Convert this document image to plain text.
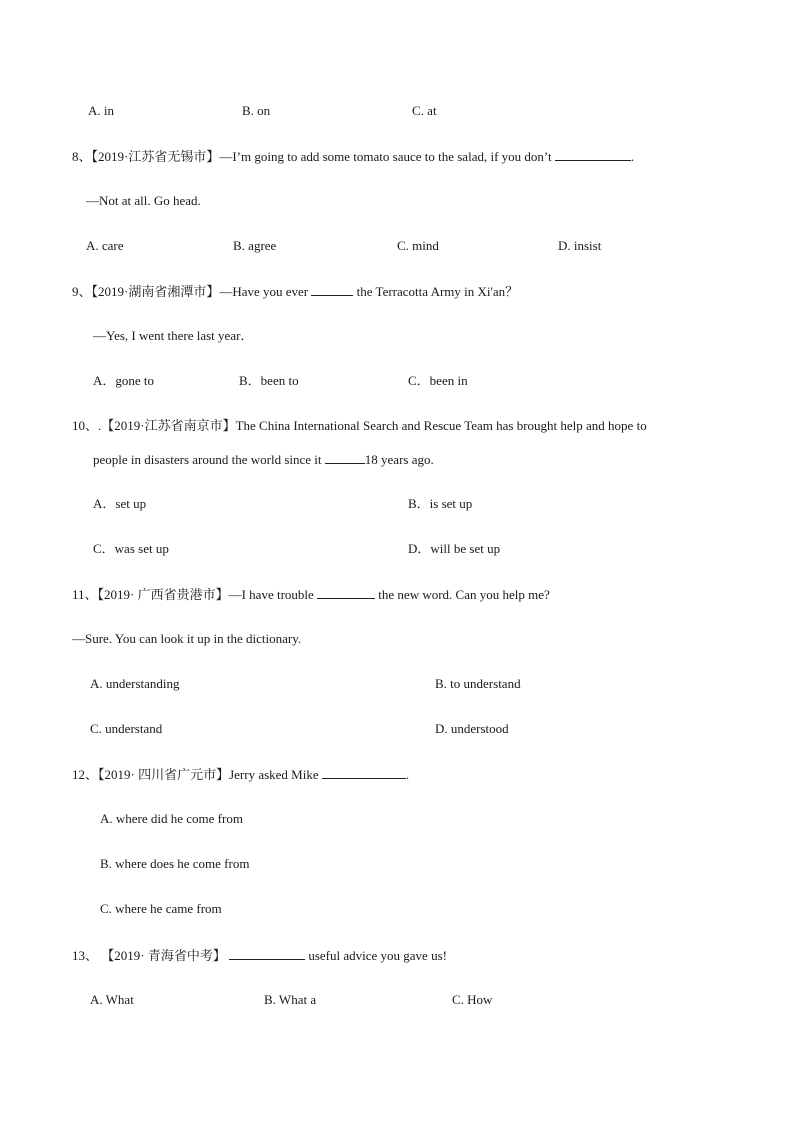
A. in	B. on	C. at
8、【2019·江苏省无锡市】—I’m going to add some tomato sauce to the salad, if you don’t	.
—Not at all. Go head.
A. care	B. agree	C. mind	D. insist
9、【2019·湖南省湘潭市】—Have you ever	the Terracotta Army in Xi'an？
—Yes, I went there last year．
A．gone to	B．been to	C．been in
10、.【2019·江苏省南京市】The China International Search and Rescue Team has brought help and hope to
people in disasters around the world since it	18 years ago.
A．set up	B．is set up
C．was set up	D．will be set up
11、【2019· 广西省贵港市】—I have trouble	the new word. Can you help me?
—Sure. You can look it up in the dictionary.
A. understanding	B. to understand
C. understand	D. understood
12、【2019· 四川省广元市】Jerry asked Mike	.
A. where did he come from
B. where does he come from
C. where he came from
13、 【2019· 青海省中考】	useful advice you gave us!
A. What	B. What a	C. How
